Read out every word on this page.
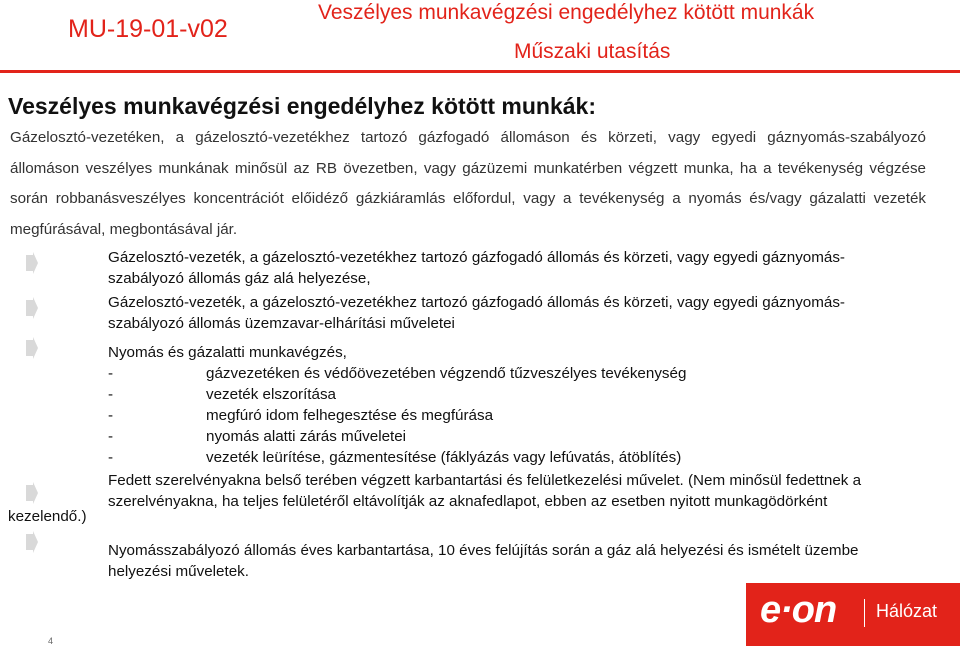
MU-19-01-v02
Veszélyes munkavégzési engedélyhez kötött munkák
Műszaki utasítás
Veszélyes munkavégzési engedélyhez kötött munkák:
Gázelosztó-vezetéken, a gázelosztó-vezetékhez tartozó gázfogadó állomáson és körzeti, vagy egyedi gáznyomás-szabályozó állomáson veszélyes munkának minősül az RB övezetben, vagy gázüzemi munkatérben végzett munka, ha a tevékenység végzése során robbanásveszélyes koncentrációt előidéző gázkiáramlás előfordul, vagy a tevékenység a nyomás és/vagy gázalatti vezeték megfúrásával, megbontásával jár.
Gázelosztó-vezeték, a gázelosztó-vezetékhez tartozó gázfogadó állomás és körzeti, vagy egyedi gáznyomás-szabályozó állomás gáz alá helyezése,
Gázelosztó-vezeték, a gázelosztó-vezetékhez tartozó gázfogadó állomás és körzeti, vagy egyedi gáznyomás-szabályozó állomás üzemzavar-elhárítási műveletei
Nyomás és gázalatti munkavégzés,
-	gázvezetéken és védőövezetében végzendő tűzveszélyes tevékenység
-	vezeték elszorítása
-	megfúró idom felhegesztése és megfúrása
-	nyomás alatti zárás műveletei
-	vezeték leürítése, gázmentesítése (fáklyázás vagy lefúvatás, átöblítés)
Fedett szerelvényakna belső terében végzett karbantartási és felületkezelési művelet. (Nem minősül fedettnek a szerelvényakna, ha teljes felületéről eltávolítják az aknafedlapot, ebben az esetben nyitott munkagödörként
kezelendő.)
Nyomásszabályozó állomás éves karbantartása, 10 éves felújítás során a gáz alá helyezési és ismételt üzembe helyezési műveletek.
4
e·on Hálózat
